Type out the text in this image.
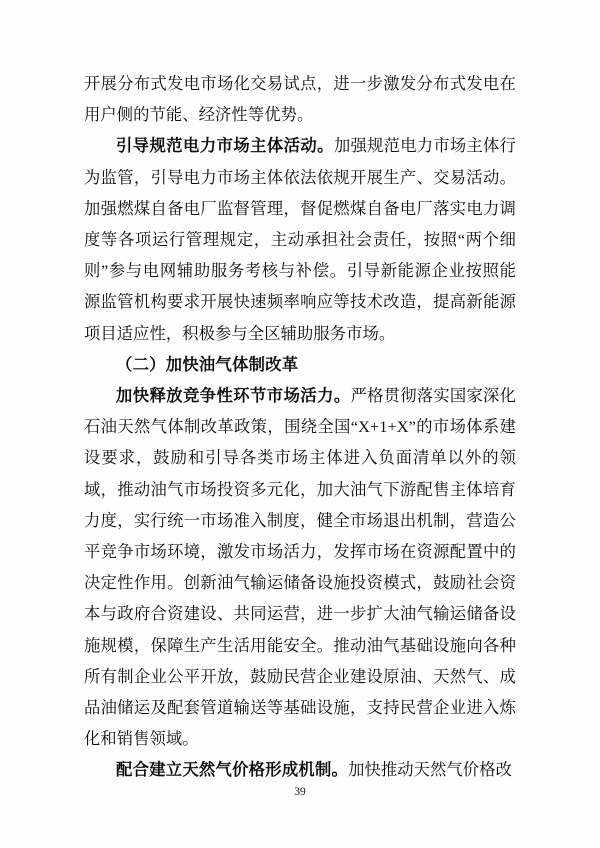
开展分布式发电市场化交易试点，进一步激发分布式发电在用户侧的节能、经济性等优势。

引导规范电力市场主体活动。加强规范电力市场主体行为监管，引导电力市场主体依法依规开展生产、交易活动。加强燃煤自备电厂监督管理，督促燃煤自备电厂落实电力调度等各项运行管理规定，主动承担社会责任，按照“两个细则”参与电网辅助服务考核与补偿。引导新能源企业按照能源监管机构要求开展快速频率响应等技术改造，提高新能源项目适应性，积极参与全区辅助服务市场。

（二）加快油气体制改革

加快释放竞争性环节市场活力。严格贯彻落实国家深化石油天然气体制改革政策，围绕全国“X+1+X”的市场体系建设要求，鼓励和引导各类市场主体进入负面清单以外的领域，推动油气市场投资多元化，加大油气下游配售主体培育力度，实行统一市场准入制度，健全市场退出机制，营造公平竞争市场环境，激发市场活力，发挥市场在资源配置中的决定性作用。创新油气输运储备设施投资模式，鼓励社会资本与政府合资建设、共同运营，进一步扩大油气输运储备设施规模，保障生产生活用能安全。推动油气基础设施向各种所有制企业公平开放，鼓励民营企业建设原油、天然气、成品油储运及配套管道输送等基础设施，支持民营企业进入炼化和销售领域。

配合建立天然气价格形成机制。加快推动天然气价格改

39
